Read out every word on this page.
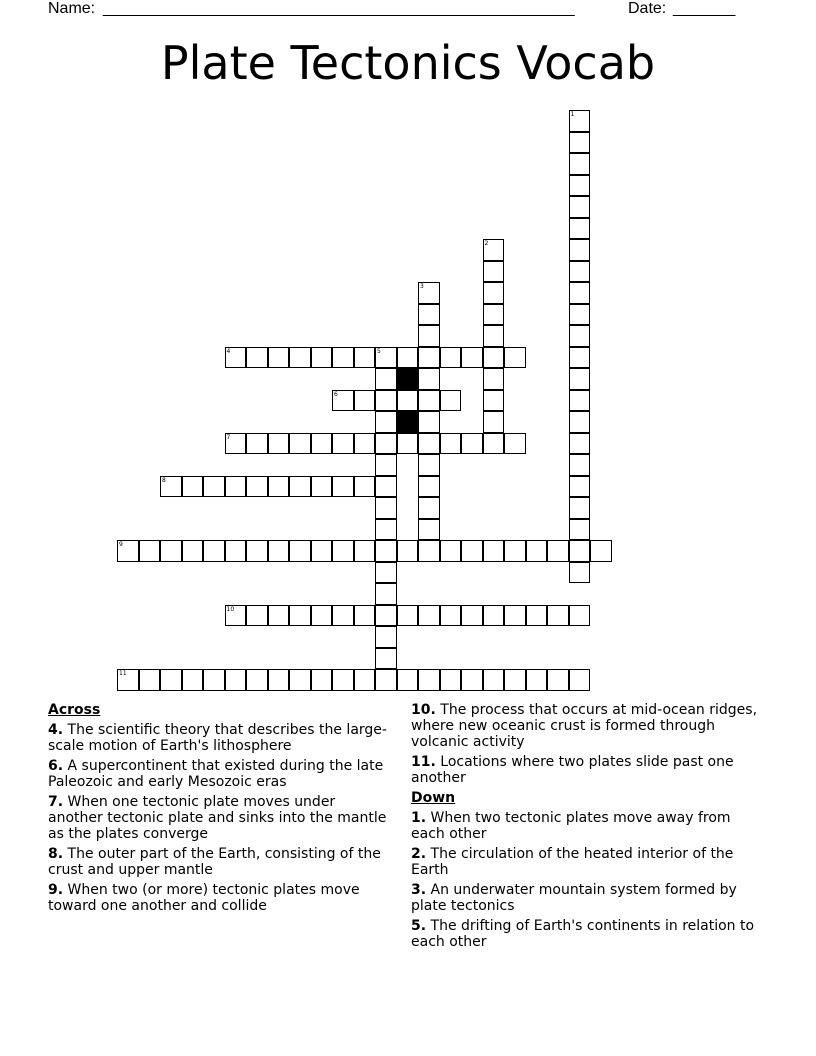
Name: _____________________________________________________	Date: _______
Plate Tectonics Vocab
4	5
6
7
8
9
10
11
1
2
3
Across
4. The scientific theory that describes the large-scale motion of Earth's lithosphere
6. A supercontinent that existed during the late Paleozoic and early Mesozoic eras
7. When one tectonic plate moves under another tectonic plate and sinks into the mantle as the plates converge
8. The outer part of the Earth, consisting of the crust and upper mantle
9. When two (or more) tectonic plates move toward one another and collide
10. The process that occurs at mid-ocean ridges, where new oceanic crust is formed through volcanic activity
11. Locations where two plates slide past one another
Down
1. When two tectonic plates move away from each other
2. The circulation of the heated interior of the Earth
3. An underwater mountain system formed by plate tectonics
5. The drifting of Earth's continents in relation to each other
